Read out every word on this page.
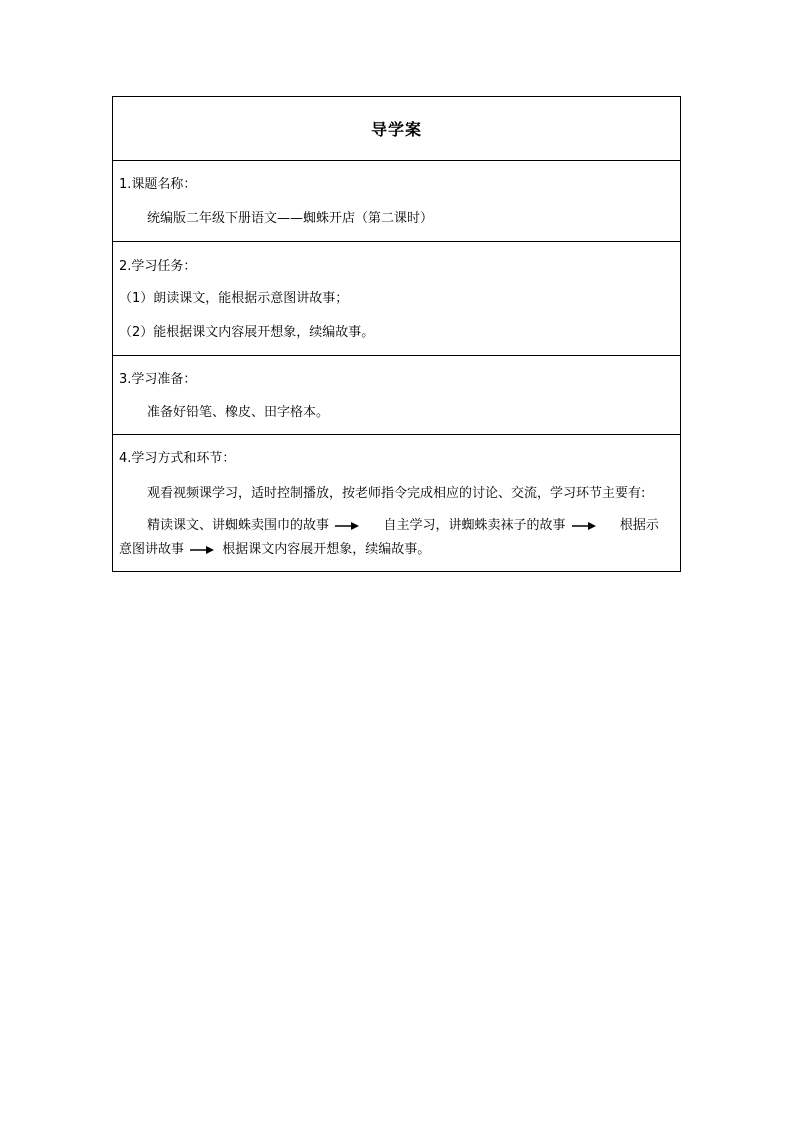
导学案
1.课题名称：
统编版二年级下册语文——蜘蛛开店（第二课时）
2.学习任务：
（1）朗读课文，能根据示意图讲故事；
（2）能根据课文内容展开想象，续编故事。
3.学习准备：
准备好铅笔、橡皮、田字格本。
4.学习方式和环节：
观看视频课学习，适时控制播放，按老师指令完成相应的讨论、交流，学习环节主要有:
精读课文、讲蜘蛛卖围巾的故事	自主学习，讲蜘蛛卖袜子的故事	根据示
意图讲故事	根据课文内容展开想象，续编故事。
